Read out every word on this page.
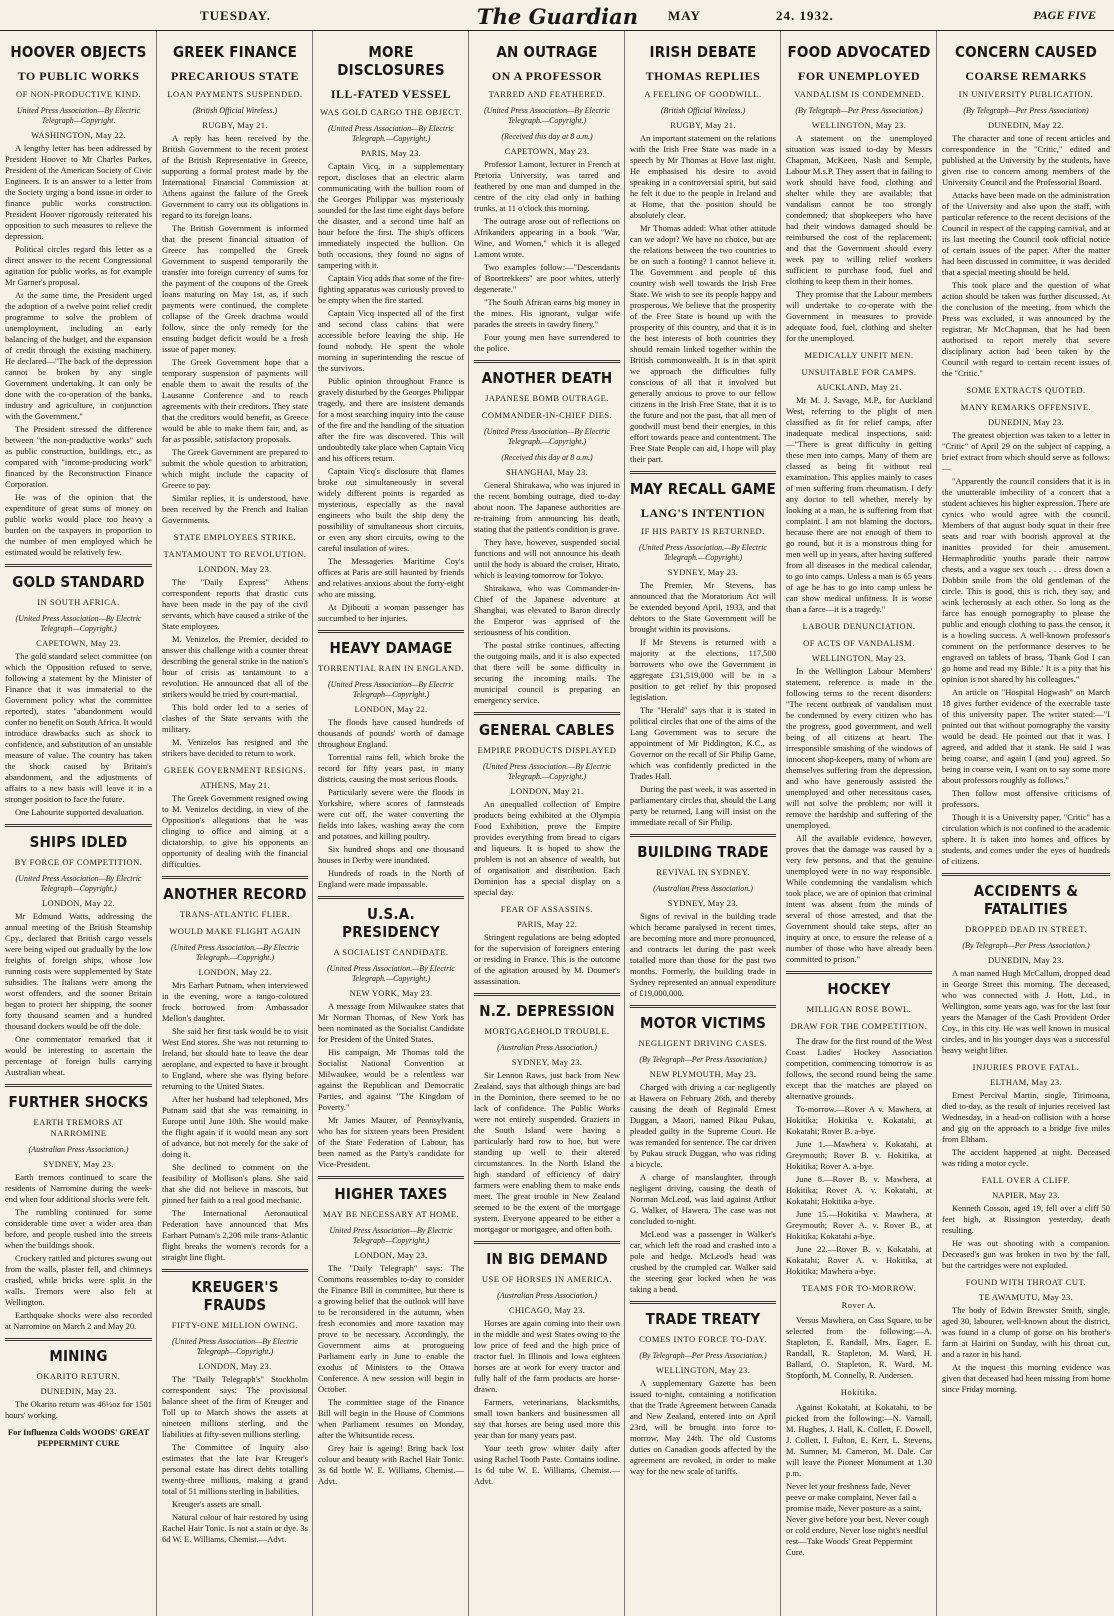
TUESDAY.	The Guardian MAY	24. 1932.	PAGE FIVE
HOOVER OBJECTS
TO PUBLIC WORKS
OF NON-PRODUCTIVE KIND.
United Press Association—By Electric Telegraph—Copyright.
WASHINGTON, May 22.
A lengthy letter has been addressed by President Hoover to Mr Charles Parkes, President of the American Society of Civic Engineers. It is an answer to a letter from the Society urging a bond issue in order to finance public works construction. President Hoover rigorously reiterated his opposition to such measures to relieve the depression.
Political circles regard this letter as a direct answer to the recent Congressional agitation for public works, as for example Mr Garner's proposal.
At the same time, the President urged the adoption of a twelve point relief credit programme to solve the problem of unemployment, including an early balancing of the budget, and the expansion of credit through the existing machinery. He declared—"The back of the depression cannot be broken by any single Government undertaking. It can only be done with the co-operation of the banks, industry and agriculture, in conjunction with the Government."
The President stressed the difference between "the non-productive works" such as public construction, buildings, etc., as compared with "income-producing work" financed by the Reconstruction Finance Corporation.
He was of the opinion that the expenditure of great sums of money on public works would place too heavy a burden on the taxpayers in proportion to the number of men employed which he estimated would be relatively few.
GOLD STANDARD
IN SOUTH AFRICA.
(United Press Association—By Electric Telegraph—Copyright.)
CAPETOWN, May 23.
The gold standard select committee (on which the Opposition refused to serve, following a statement by the Minister of Finance that it was immaterial to the Government policy what the committee reported), states "abandonment would confer no benefit on South Africa. It would introduce drawbacks such as shock to confidence, and substitution of an unstable measure of value. The country has taken the shock caused by Britain's abandonment, and the adjustments of affairs to a new basis will leave it in a stronger position to face the future.
One Labourite supported devaluation.
SHIPS IDLED
BY FORCE OF COMPETITION.
(United Press Association—By Electric Telegraph—Copyright.)
LONDON, May 22.
Mr Edmund Watts, addressing the annual meeting of the British Steamship Cpy., declared that British cargo vessels were being wiped out gradually by the low freights of foreign ships, whose low running costs were supplemented by State subsidies. The Italians were among the worst offenders, and the sooner Britain began to protect her shipping, the sooner forty thousand seamen and a hundred thousand dockers would be off the dole.
One commentator remarked that it would be interesting to ascertain the percentage of foreign hulls carrying Australian wheat.
FURTHER SHOCKS
EARTH TREMORS AT NARROMINE
(Australian Press Association.)
SYDNEY, May 23.
Earth tremors continued to scare the residents of Narromine during the week-end when four additional shocks were felt.
The rumbling continued for some considerable time over a wider area than before, and people rushed into the streets when the buildings shook.
Crockery rattled and pictures swung out from the walls, plaster fell, and chimneys crashed, while bricks were split in the walls. Tremors were also felt at Wellington.
Earthquake shocks were also recorded at Narromine on March 2 and May 20.
MINING
OKARITO RETURN.
DUNEDIN, May 23.
The Okarito return was 46½oz for 1501 hours' working.
For Influenza Colds WOODS' GREAT PEPPERMINT CURE
GREEK FINANCE
PRECARIOUS STATE
LOAN PAYMENTS SUSPENDED.
(British Official Wireless.)
RUGBY, May 21.
A reply has been received by the British Government to the recent protest of the British Representative in Greece, supporting a formal protest made by the International Financial Commission at Athens against the failure of the Greek Government to carry out its obligations in regard to its foreign loans.
The British Government is informed that the present financial situation of Greece has compelled the Greek Government to suspend temporarily the transfer into foreign currency of sums for the payment of the coupons of the Greek loans maturing on May 1st, as, if such payments were continued, the complete collapse of the Greek drachma would follow, since the only remedy for the ensuing budget deficit would be a fresh issue of paper money.
The Greek Government hope that a temporary suspension of payments will enable them to await the results of the Lausanne Conference and to reach agreements with their creditors. They state that the creditors would benefit, as Greece would be able to make them fair, and, as far as possible, satisfactory proposals.
The Greek Government are prepared to submit the whole question to arbitration, which might include the capacity of Greece to pay.
Similar replies, it is understood, have been received by the French and Italian Governments.
STATE EMPLOYEES STRIKE.
TANTAMOUNT TO REVOLUTION.
LONDON, May 23.
The "Daily Express" Athens correspondent reports that drastic cuts have been made in the pay of the civil servants, which have caused a strike of the State employees.
M. Venizelos, the Premier, decided to answer this challenge with a counter threat describing the general strike in the nation's hour of crisis as tantamount to a revolution. He announced that all of the strikers would be tried by court-martial.
This bold order led to a series of clashes of the State servants with the military.
M. Venizelos has resigned and the strikers have decided to return to work.
GREEK GOVERNMENT RESIGNS.
ATHENS, May 21.
The Greek Government resigned owing to M. Venizelos deciding, in view of the Opposition's allegations that he was clinging to office and aiming at a dictatorship, to give his opponents an opportunity of dealing with the financial difficulties.
ANOTHER RECORD
TRANS-ATLANTIC FLIER.
WOULD MAKE FLIGHT AGAIN
(United Press Association.—By Electric Telegraph.—Copyright.)
LONDON, May 22.
Mrs Earhart Putnam, when interviewed in the evening, wore a tango-coloured frock borrowed from Ambassador Mellon's daughter.
She said her first task would be to visit West End stores. She was not returning to Ireland, but should hate to leave the dear aeroplane, and expected to have it brought to England, where she was flying before returning to the United States.
After her husband had telephoned, Mrs Putnam said that she was remaining in Europe until June 10th. She would make the flight again if it would mean any sort of advance, but not merely for the sake of doing it.
She declined to comment on the feasibility of Mollison's plans. She said that she did not believe in mascots, but pinned her faith to a real good mechanic.
The International Aeronautical Federation have announced that Mrs Earhart Putnam's 2,206 mile trans-Atlantic flight breaks the women's records for a straight line flight.
KREUGER'S FRAUDS
FIFTY-ONE MILLION OWING.
(United Press Association—By Electric Telegraph—Copyright.)
LONDON, May 23.
The "Daily Telegraph's" Stockholm correspondent says: The provisional balance sheet of the firm of Kreuger and Toll up to March shows the assets at nineteen millions sterling, and the liabilities at fifty-seven millions sterling.
The Committee of Inquiry also estimates that the late Ivar Kreuger's personal estate has direct debts totalling twenty-three millions, making a grand total of 51 millions sterling in liabilities.
Kreuger's assets are small.
Natural colour of hair restored by using Rachel Hair Tonic. Is not a stain or dye. 3s 6d W. E. Williams, Chemist.—Advt.
MORE DISCLOSURES
ILL-FATED VESSEL
WAS GOLD CARGO THE OBJECT.
(United Press Association—By Electric Telegraph.—Copyright.)
PARIS, May 23.
Captain Vicq, in a supplementary report, discloses that an electric alarm communicating with the bullion room of the Georges Philippar was mysteriously sounded for the last time eight days before the disaster, and a second time half an hour before the first. The ship's officers immediately inspected the bullion. On both occasions, they found no signs of tampering with it.
Captain Vicq adds that some of the fire-fighting apparatus was curiously proved to be empty when the fire started.
Captain Vicq inspected all of the first and second class cabins that were accessible before leaving the ship. He found nobody. He spent the whole morning in superintending the rescue of the survivors.
Public opinion throughout France is gravely disturbed by the Georges Philippar tragedy, and there are insistent demands for a most searching inquiry into the cause of the fire and the handling of the situation after the fire was discovered. This will undoubtedly take place when Captain Vicq and his officers return.
Captain Vicq's disclosure that flames broke out simultaneously in several widely different points is regarded as mysterious, especially as the naval engineers who built the ship deny the possibility of simultaneous short circuits, or even any short circuits, owing to the careful insulation of wires.
The Messageries Maritime Coy's offices at Paris are still haunted by friends and relatives anxious about the forty-eight who are missing.
At Djibouti a woman passenger has succumbed to her injuries.
HEAVY DAMAGE
TORRENTIAL RAIN IN ENGLAND.
(United Press Association—By Electric Telegraph—Copyright.)
LONDON, May 22.
The floods have caused hundreds of thousands of pounds' worth of damage throughout England.
Torrential rains fell, which broke the record for fifty years past, in many districts, causing the most serious floods.
Particularly severe were the floods in Yorkshire, where scores of farmsteads were cut off, the water converting the fields into lakes, washing away the corn and potatoes, and killing poultry.
Six hundred shops and one thousand houses in Derby were inundated.
Hundreds of roads in the North of England were made impassable.
U.S.A. PRESIDENCY
A SOCIALIST CANDIDATE.
(United Press Association.—By Electric Telegraph.—Copyright.)
NEW YORK, May 23.
A message from Milwaukee states that Mr Norman Thomas, of New York has been nominated as the Socialist Candidate for President of the United States.
His campaign, Mr Thomas told the Socialist National Convention at Milwaukee, would be a relentless war against the Republican and Democratic Parties, and against "The Kingdom of Poverty."
Mr James Maurer, of Pennsylvania, who has for sixteen years been President of the State Federation of Labour, has been named as the Party's candidate for Vice-President.
HIGHER TAXES
MAY BE NECESSARY AT HOME.
United Press Association—By Electric Telegraph—Copyright.)
LONDON, May 23.
The "Daily Telegraph" says: The Commons reassembles to-day to consider the Finance Bill in committee, but there is a growing belief that the outlook will have to be reconsidered in the autumn, when fresh economies and more taxation may prove to be necessary. Accordingly, the Government aims at prorogueing Parliament early in June to enable the exodus of Ministers to the Ottawa Conference. A new session will begin in October.
The committee stage of the Finance Bill will begin in the House of Commons when Parliament resumes on Monday, after the Whitsuntide recess.
Grey hair is ageing! Bring back lost colour and beauty with Rachel Hair Tonic. 3s 6d bottle W. E. Williams, Chemist.—Advt.
AN OUTRAGE
ON A PROFESSOR
TARRED AND FEATHERED.
(United Press Association—By Electric Telegraph.—Copyright.)
(Received this day at 8 a.m.)
CAPETOWN, May 23.
Professor Lamont, lecturer in French at Pretoria University, was tarred and feathered by one man and dumped in the centre of the city clad only in bathing trunks, at 11 o'clock this morning.
The outrage arose out of reflections on Afrikanders appearing in a book "War, Wine, and Women," which it is alleged Lamont wrote.
Two examples follow:—"Descendants of Boortrekkers" are poor whites, utterly degenerate."
"The South African earns big money in the mines. His ignorant, vulgar wife parades the streets in tawdry finery."
Four young men have surrendered to the police.
ANOTHER DEATH
JAPANESE BOMB OUTRAGE.
COMMANDER-IN-CHIEF DIES.
(United Press Association—By Electric Telegraph.—Copyright.)
(Received this day at 8 a.m.)
SHANGHAI, May 23.
General Shirakawa, who was injured in the recent bombing outrage, died to-day about noon. The Japanese authorities are re-training from announcing his death, stating that the patient's condition is grave.
They have, however, suspended social functions and will not announce his death until the body is aboard the cruiser, Hirato, which is leaving tomorrow for Tokyo.
Shirakawa, who was Commander-in-Chief of the Japanese adventure at Shanghai, was elevated to Baron directly the Emperor was apprised of the seriousness of his condition.
The postal strike continues, affecting the outgoing mails, and it is also expected that there will be some difficulty in securing the incoming mails. The municipal council is preparing an emergency service.
GENERAL CABLES
EMPIRE PRODUCTS DISPLAYED
(United Press Association.—By Electric Telegraph.—Copyright.)
LONDON, May 21.
An unequalled collection of Empire products being exhibited at the Olympia Food Exhibition, prove the Empire provides everything from bread to cigars and liqueurs. It is hoped to show the problem is not an absence of wealth, but of organisation and distribution. Each Dominion has a special display on a special day.
FEAR OF ASSASSINS.
PARIS, May 22.
Stringent regulations are being adopted for the supervision of foreigners entering or residing in France. This is the outcome of the agitation aroused by M. Doumer's assassination.
N.Z. DEPRESSION
MORTGAGEHOLD TROUBLE.
(Australian Press Association.)
SYDNEY, May 23.
Sir Lennon Raws, just back from New Zealand, says that although things are bad in the Dominion, there seemed to be no lack of confidence. The Public Works were not entirely suspended. Graziers in the South Island were having a particularly hard row to hoe, but were standing up well to their altered circumstances. In the North Island the high standard of efficiency of dairy farmers were enabling them to make ends meet. The great trouble in New Zealand seemed to be the extent of the mortgage system. Everyone appeared to be either a mortgagor or mortgagee, and often both.
IN BIG DEMAND
USE OF HORSES IN AMERICA.
(Australian Press Association.)
CHICAGO, May 23.
Horses are again coming into their own in the middle and west States owing to the low price of feed and the high price of tractor fuel. In Illinois and Iowa eighteen horses are at work for every tractor and fully half of the farm products are horse-drawn.
Farmers, veterinarians, blacksmiths, small town bankers and businessmen all say that horses are being used more this year than for many years past.
Your teeth grow whiter daily after using Rachel Tooth Paste. Contains iodine. 1s 6d tube W. E. Williams, Chemist.—Advt.
IRISH DEBATE
THOMAS REPLIES
A FEELING OF GOODWILL.
(British Official Wireless.)
RUGBY, May 21.
An important statement on the relations with the Irish Free State was made in a speech by Mr Thomas at Hove last night. He emphasised his desire to avoid speaking in a controversial spirit, but said he felt it due to the people in Ireland and at Home, that the position should be absolutely clear.
Mr Thomas added: What other attitude can we adopt? We have no choice, but are the relations between the two countries to be on such a footing? I cannot believe it. The Government and people of this country wish well towards the Irish Free State. We wish to see its people happy and prosperous. We believe that the prosperity of the Free State is bound up with the prosperity of this country, and that it is in the best interests of both countries they should remain linked together within the British commonwealth. It is in that spirit we approach the difficulties fully conscious of all that it involved but generally anxious to prove to our fellow citizens in the Irish Free State, that it is to the future and not the past, that all men of goodwill must bend their energies, in this effort towards peace and contentment. The Free State People can aid, I hope will play their part.
MAY RECALL GAME
LANG'S INTENTION
IF HIS PARTY IS RETURNED.
(United Press Association.—By Electric Telegraph.—Copyright.)
SYDNEY, May 23.
The Premier, Mr Stevens, has announced that the Moratorium Act will be extended beyond April, 1933, and that debtors to the State Government will be brought within its provisions.
If Mr Stevens is returned with a majority at the elections, 117,500 borrowers who owe the Government in aggregate £31,519,000 will be in a position to get relief by this proposed legislation.
The "Herald" says that it is stated in political circles that one of the aims of the Lang Government was to secure the appointment of Mr Piddington, K.C., as Governor on the recall of Sir Philip Game, which was confidently predicted in the Trades Hall.
During the past week, it was asserted in parliamentary circles that, should the Lang party be returned, Lang will insist on the immediate recall of Sir Philip.
BUILDING TRADE
REVIVAL IN SYDNEY.
(Australian Press Association.)
SYDNEY, May 23.
Signs of revival in the building trade which became paralysed in recent times, are becoming more and more pronounced, and contracts let during the past week totalled more than those for the past two months. Formerly, the building trade in Sydney represented an annual expenditure of £19,000,000.
MOTOR VICTIMS
NEGLIGENT DRIVING CASES.
(By Telegraph—Per Press Association.)
NEW PLYMOUTH, May 23.
Charged with driving a car negligently at Hawera on February 26th, and thereby causing the death of Reginald Ernest Duggan, a Maori, named Pikau Pukau, pleaded guilty in the Supreme Court. He was remanded for sentence. The car driven by Pukau struck Duggan, who was riding a bicycle.
A charge of manslaughter, through negligent driving, causing the death of Norman McLeod, was laid against Arthur G. Walker, of Hawera. The case was not concluded to-night.
McLeod was a passenger in Walker's car, which left the road and crashed into a pole and hedge. McLeod's head was crushed by the crumpled car. Walker said the steering gear locked when he was taking a bend.
TRADE TREATY
COMES INTO FORCE TO-DAY.
(By Telegraph—Per Press Association.)
WELLINGTON, May 23.
A supplementary Gazette has been issued to-night, containing a notification that the Trade Agreement between Canada and New Zealand, entered into on April 23rd, will be brought into force to-morrow, May 24th. The old Customs duties on Canadian goods affected by the agreement are revoked, in order to make way for the new scale of tariffs.
FOOD ADVOCATED
FOR UNEMPLOYED
VANDALISM IS CONDEMNED.
(By Telegraph—Per Press Association.)
WELLINGTON, May 23.
A statement on the unemployed situation was issued to-day by Messrs Chapman, McKeen, Nash and Semple, Labour M.s.P. They assert that in failing to work should have food, clothing and shelter while they are available; that vandalism cannot be too strongly condemned; that shopkeepers who have had their windows damaged should be reimbursed the cost of the replacement; and that the Government should every week pay to willing relief workers sufficient to purchase food, fuel and clothing to keep them in their homes.
They promise that the Labour members will undertake to co-operate with the Government in measures to provide adequate food, fuel, clothing and shelter for the unemployed.
MEDICALLY UNFIT MEN.
UNSUITABLE FOR CAMPS.
AUCKLAND, May 21.
Mr M. J. Savage, M.P., for Auckland West, referring to the plight of men classified as fit for relief camps, after inadequate medical inspections, said:—"There is great difficulty in getting these men into camps. Many of them are classed as being fit without real examination. This applies mainly to cases of men suffering from rheumatism. I defy any doctor to tell whether, merely by looking at a man, he is suffering from that complaint. I am not blaming the doctors, because there are not enough of them to go round, but it is a monstrous thing for men well up in years, after having suffered from all diseases in the medical calendar, to go into camps. Unless a man is 65 years of age he has to go into camp unless he can show medical unfitness. It is worse than a farce—it is a tragedy."
LABOUR DENUNCIATION.
OF ACTS OF VANDALISM.
WELLINGTON, May 23.
In the Wellington Labour Members' statement, reference is made in the following terms to the recent disorders: "The recent outbreak of vandalism must be condemned by every citizen who has the progress, good government, and well being of all citizens at heart. The irresponsible smashing of the windows of innocent shop-keepers, many of whom are themselves suffering from the depression, and who have generously assisted the unemployed and other necessitous cases, will not solve the problem; nor will it remove the hardship and suffering of the unemployed.
All the available evidence, however, proves that the damage was caused by a very few persons, and that the genuine unemployed were in no way responsible. While condemning the vandalism which took place, we are of opinion that criminal intent was absent from the minds of several of those arrested, and that the Government should take steps, after an inquiry at once, to ensure the release of a number of those who have already been committed to prison."
HOCKEY
MILLIGAN ROSE BOWL.
DRAW FOR THE COMPETITION.
The draw for the first round of the West Coast Ladies' Hockey Association competition, commencing tomorrow is as follows, the second round being the same except that the matches are played on alternative grounds.
To-morrow.—Rover A v. Mawhera, at Hokitika; Hokitika v. Kokatahi, at Kokatahi; Rover B. a-bye.
June 1.—Mawhera v. Kokatahi, at Greymouth; Rover B. v. Hokitika, at Hokitika; Rover A. a-bye.
June 8.—Rover B. v. Mawhera, at Hokitika; Rover A. v. Kokatahi, at Kokatahi; Hokitika a-bye.
June 15.—Hokitika v. Mawhera, at Greymouth; Rover A. v. Rover B., at Hokitika; Kokatahi a-bye.
June 22.—Rover B. v. Kokatahi, at Kokatahi; Rover A. v. Hokitika, at Hokitika; Mawhera a-bye.
TEAMS FOR TO-MORROW.
Rover A.
Versus Mawhera, on Cass Square, to be selected from the following:—A. Stapleton, E. Randall, Mrs. Eager, E. Randall, R. Stapleton, M. Ward, H. Ballard, O. Stapleton, R. Ward, M. Stopforth, M. Connelly, R. Andersen.
Hokitika.
Against Kokatahi, at Kokatahi, to be picked from the following:—N. Varnall, M. Hughes, J. Hall, K. Collett, F. Dowell, J. Collett, I. Fulton, E. Kerr, L. Stevens, M. Sumner, M. Cameron, M. Dale. Car will leave the Pioneer Monument at 1.30 p.m.
Never let your freshness fade, Never peeve or make complaint, Never fail a promise made, Never posture as a saint, Never give before your best, Never cough or cold endure, Never lose night's needful rest—Take Woods' Great Peppermint Cure.
CONCERN CAUSED
COARSE REMARKS
IN UNIVERSITY PUBLICATION.
(By Telegraph—Per Press Association)
DUNEDIN, May 22.
The character and tone of recent articles and correspondence in the "Critic," edited and published at the University by the students, have given rise to concern among members of the University Council and the Professorial Board.
Attacks have been made on the administration of the University and also upon the staff, with particular reference to the recent decisions of the Council in respect of the capping carnival, and at its last meeting the Council took official notice of certain issues of the paper. After the matter had been discussed in committee, it was decided that a special meeting should be held.
This took place and the question of what action should be taken was further discussed. At the conclusion of the meeting, from which the Press was excluded, it was announced by the registrar, Mr McChapman, that he had been authorised to report merely that severe disciplinary action had been taken by the Council with regard to certain recent issues of the "Critic."
SOME EXTRACTS QUOTED.
MANY REMARKS OFFENSIVE.
DUNEDIN, May 23.
The greatest objection was taken to a letter in "Critic" of April 29 on the subject of capping, a brief extract from which should serve as follows:—
"Apparently the council considers that it is in the unutterable imbecility of a concert that a student achieves his higher expression. There are cynics who would agree with the council. Members of that august body squat in their free seats and roar with boorish approval at the inanities provided for their amusement. Hermaphroditic youths parade their narrow chests, and a vague sex touch . . . dress down a Dobbin smile from the old gentleman of the circle. This is good, this is rich, they say, and wink lecherously at each other. So long as the farce has enough pornography to please the public and enough clothing to pass the censor, it is a howling success. A well-known professor's comment on the performance deserves to be engraved on tablets of brass, 'Thank God I can go home and read my Bible.' It is a pity that his opinion is not shared by his colleagues."
An article on "Hospital Hogwash" on March 18 gives further evidence of the execrable taste of this university paper. The writer stated:—"I pointed out that without pornography the varsity would be dead. He pointed out that it was. I agreed, and added that it stank. He said I was being coarse, and again I (and you) agreed. So being in coarse vein, I want on to say some more about professors roughly as follows."
Then follow most offensive criticisms of professors.
Though it is a University paper, "Critic" has a circulation which is not confined to the academic sphere. It is taken into homes and offices by students, and comes under the eyes of hundreds of citizens.
ACCIDENTS & FATALITIES
DROPPED DEAD IN STREET.
(By Telegraph—Per Press Association.)
DUNEDIN, May 23.
A man named Hugh McCallum, dropped dead in George Street this morning. The deceased, who was connected with J. Hott, Ltd., in Wellington, some years ago, was for the last four years the Manager of the Cash Provident Order Coy., in this city. He was well known in musical circles, and in his younger days was a successful heavy weight lifter.
INJURIES PROVE FATAL.
ELTHAM, May 23.
Ernest Percival Martin, single, Tirimoana, died to-day, as the result of injuries received last Wednesday, in a head-on collision with a horse and gig on the approach to a bridge five miles from Eltham.
The accident happened at night. Deceased was riding a motor cycle.
FALL OVER A CLIFF.
NAPIER, May 23.
Kenneth Cosson, aged 19, fell over a cliff 50 feet high, at Rissington yesterday, death resulting.
He was out shooting with a companion. Deceased's gun was broken in two by the fall, but the cartridges were not exploded.
FOUND WITH THROAT CUT.
TE AWAMUTU, May 23.
The body of Edwin Brewster Smith, single, aged 30, labourer, well-known about the district, was found in a clump of gorse on his brother's farm at Hairini on Sunday, with his throat cut, and a razor in his hand.
At the inquest this morning evidence was given that deceased had been missing from home since Friday morning.
